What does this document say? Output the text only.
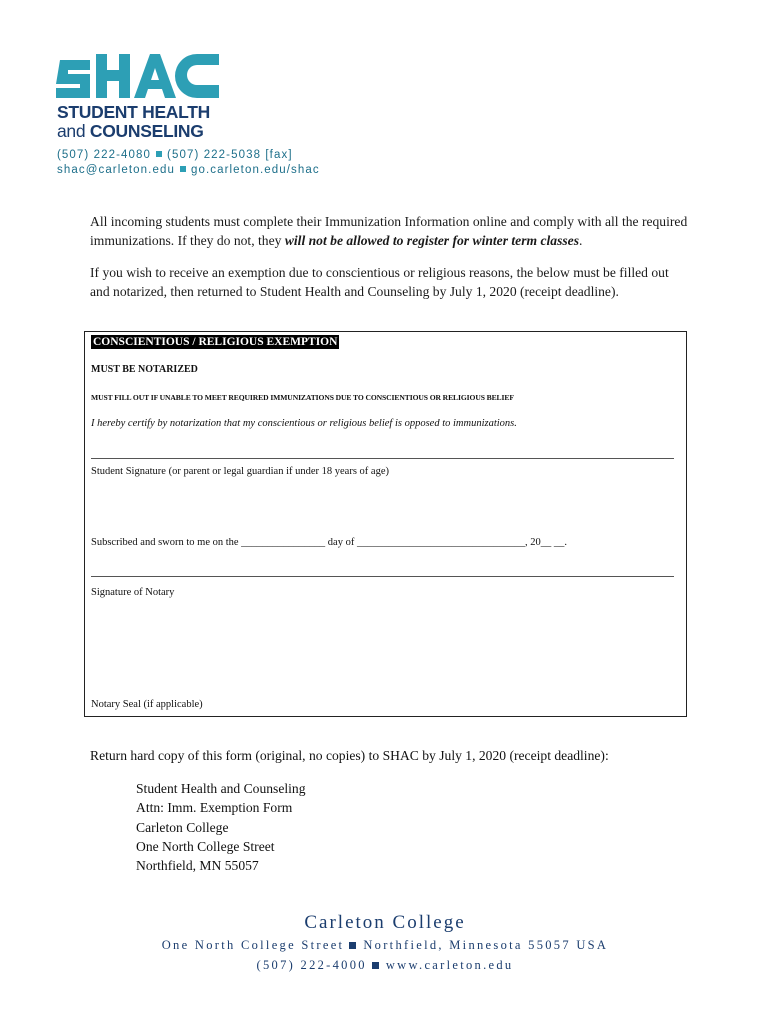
STUDENT HEALTH
and COUNSELING
(507) 222-4080 (507) 222-5038 [fax]
shac@carleton.edu go.carleton.edu/shac

All incoming students must complete their Immunization Information online and comply with all the required immunizations. If they do not, they will not be allowed to register for winter term classes.

If you wish to receive an exemption due to conscientious or religious reasons, the below must be filled out and notarized, then returned to Student Health and Counseling by July 1, 2020 (receipt deadline).

CONSCIENTIOUS / RELIGIOUS EXEMPTION
MUST BE NOTARIZED
MUST FILL OUT IF UNABLE TO MEET REQUIRED IMMUNIZATIONS DUE TO CONSCIENTIOUS OR RELIGIOUS BELIEF
I hereby certify by notarization that my conscientious or religious belief is opposed to immunizations.
Student Signature (or parent or legal guardian if under 18 years of age)
Subscribed and sworn to me on the ________________ day of ________________________________, 20__ __.
Signature of Notary
Notary Seal (if applicable)
Return hard copy of this form (original, no copies) to SHAC by July 1, 2020 (receipt deadline):
Student Health and Counseling
Attn: Imm. Exemption Form
Carleton College
One North College Street
Northfield, MN 55057
Carleton College
One North College Street Northfield, Minnesota 55057 USA
(507) 222-4000 www.carleton.edu
